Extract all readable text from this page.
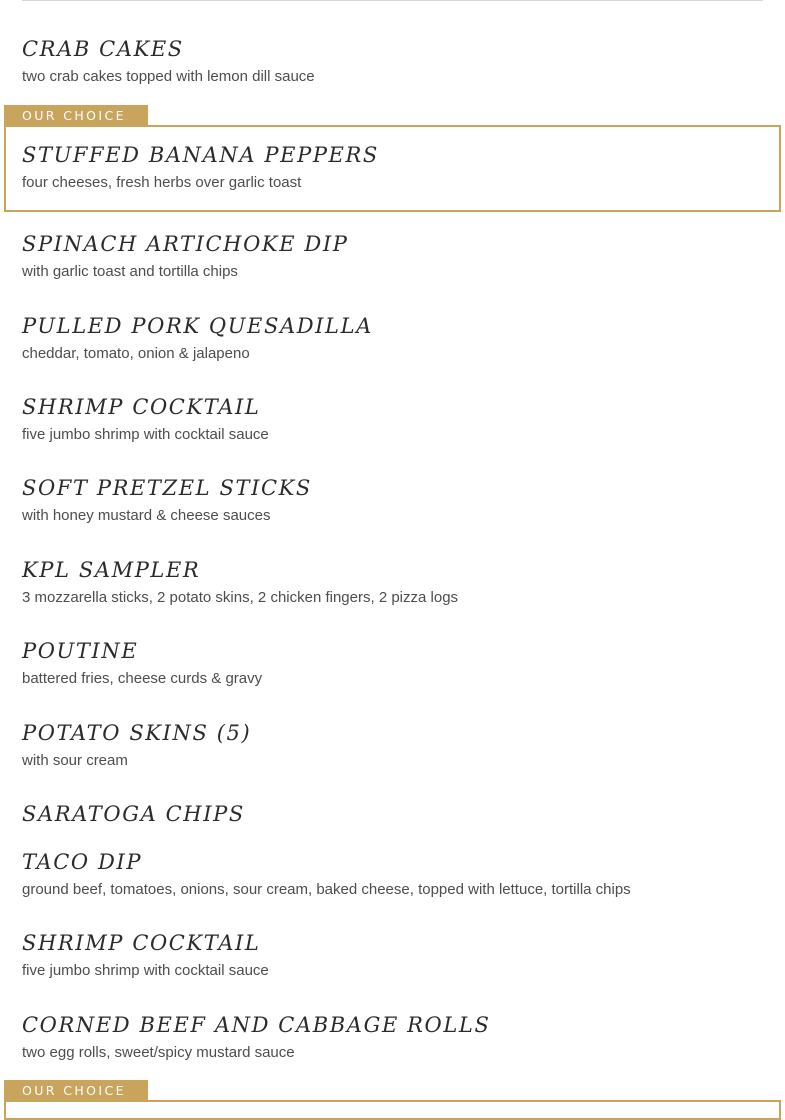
CRAB CAKES
two crab cakes topped with lemon dill sauce
OUR CHOICE
STUFFED BANANA PEPPERS
four cheeses, fresh herbs over garlic toast
SPINACH ARTICHOKE DIP
with garlic toast and tortilla chips
PULLED PORK QUESADILLA
cheddar, tomato, onion & jalapeno
SHRIMP COCKTAIL
five jumbo shrimp with cocktail sauce
SOFT PRETZEL STICKS
with honey mustard & cheese sauces
KPL SAMPLER
3 mozzarella sticks, 2 potato skins, 2 chicken fingers, 2 pizza logs
POUTINE
battered fries, cheese curds & gravy
POTATO SKINS (5)
with sour cream
SARATOGA CHIPS
TACO DIP
ground beef, tomatoes, onions, sour cream, baked cheese, topped with lettuce, tortilla chips
SHRIMP COCKTAIL
five jumbo shrimp with cocktail sauce
CORNED BEEF AND CABBAGE ROLLS
two egg rolls, sweet/spicy mustard sauce
OUR CHOICE
